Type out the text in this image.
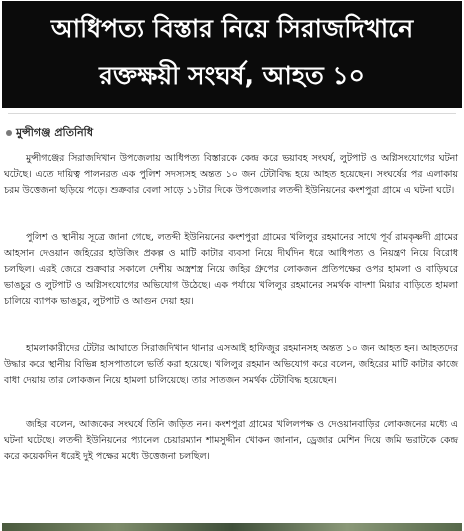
আধিপত্য বিস্তার নিয়ে সিরাজদিখানে
রক্তক্ষয়ী সংঘর্ষ, আহত ১০
মুন্সীগঞ্জ প্রতিনিধি

মুন্সীগঞ্জের সিরাজদিখান উপজেলায় আধিপত্য বিস্তারকে কেন্দ্র করে ভয়াবহ সংঘর্ষ, লুটপাট ও অগ্নিসংযোগের ঘটনা ঘটেছে। এতে দায়িত্ব পালনরত এক পুলিশ সদস্যসহ অন্তত ১০ জন টেটাবিদ্ধ হয়ে আহত হয়েছেন। সংঘর্ষের পর এলাকায় চরম উত্তেজনা ছড়িয়ে পড়ে। শুক্রবার বেলা সাড়ে ১১টার দিকে উপজেলার লতব্দী ইউনিয়নের কংশপুরা গ্রামে এ ঘটনা ঘটে।

পুলিশ ও স্থানীয় সূত্রে জানা গেছে, লতব্দী ইউনিয়নের কংশপুরা গ্রামের খলিলুর রহমানের সাথে পূর্ব রামকৃষ্ণদী গ্রামের আহসান দেওয়ান জহিরের হাউজিং প্রকল্প ও মাটি কাটার ব্যবসা নিয়ে দীর্ঘদিন ধরে আধিপত্য ও নিয়ন্ত্রণ নিয়ে বিরোধ চলছিল। এরই জেরে শুক্রবার সকালে দেশীয় অস্ত্রশস্ত্র নিয়ে জহির গ্রুপের লোকজন প্রতিপক্ষের ওপর হামলা ও বাড়িঘরে ভাঙচুর ও লুটপাট ও অগ্নিসংযোগের অভিযোগ উঠেছে। এক পর্যায়ে খলিলুর রহমানের সমর্থক বাদশা মিয়ার বাড়িতে হামলা চালিয়ে ব্যাপক ভাঙচুর, লুটপাট ও আগুন দেয়া হয়।

হামলাকারীদের টেটার আঘাতে সিরাজদিখান থানার এসআই হাফিজুর রহমানসহ অন্তত ১০ জন আহত হন। আহতদের উদ্ধার করে স্থানীয় বিভিন্ন হাসপাতালে ভর্তি করা হয়েছে। খলিলুর রহমান অভিযোগ করে বলেন, জহিরের মাটি কাটার কাজে বাধা দেয়ায় তার লোকজন নিয়ে হামলা চালিয়েছে। তার সাতজন সমর্থক টেটাবিদ্ধ হয়েছেন।

জহির বলেন, আজকের সংঘর্ষে তিনি জড়িত নন। কংশপুরা গ্রামের খলিলপক্ষ ও দেওয়ানবাড়ির লোকজনের মধ্যে এ ঘটনা ঘটেছে। লতব্দী ইউনিয়নের প্যানেল চেয়ারম্যান শামসুদ্দীন খোকন জানান, ড্রেজার মেশিন দিয়ে জমি ভরাটকে কেন্দ্র করে কয়েকদিন ধরেই দুই পক্ষের মধ্যে উত্তেজনা চলছিল।
